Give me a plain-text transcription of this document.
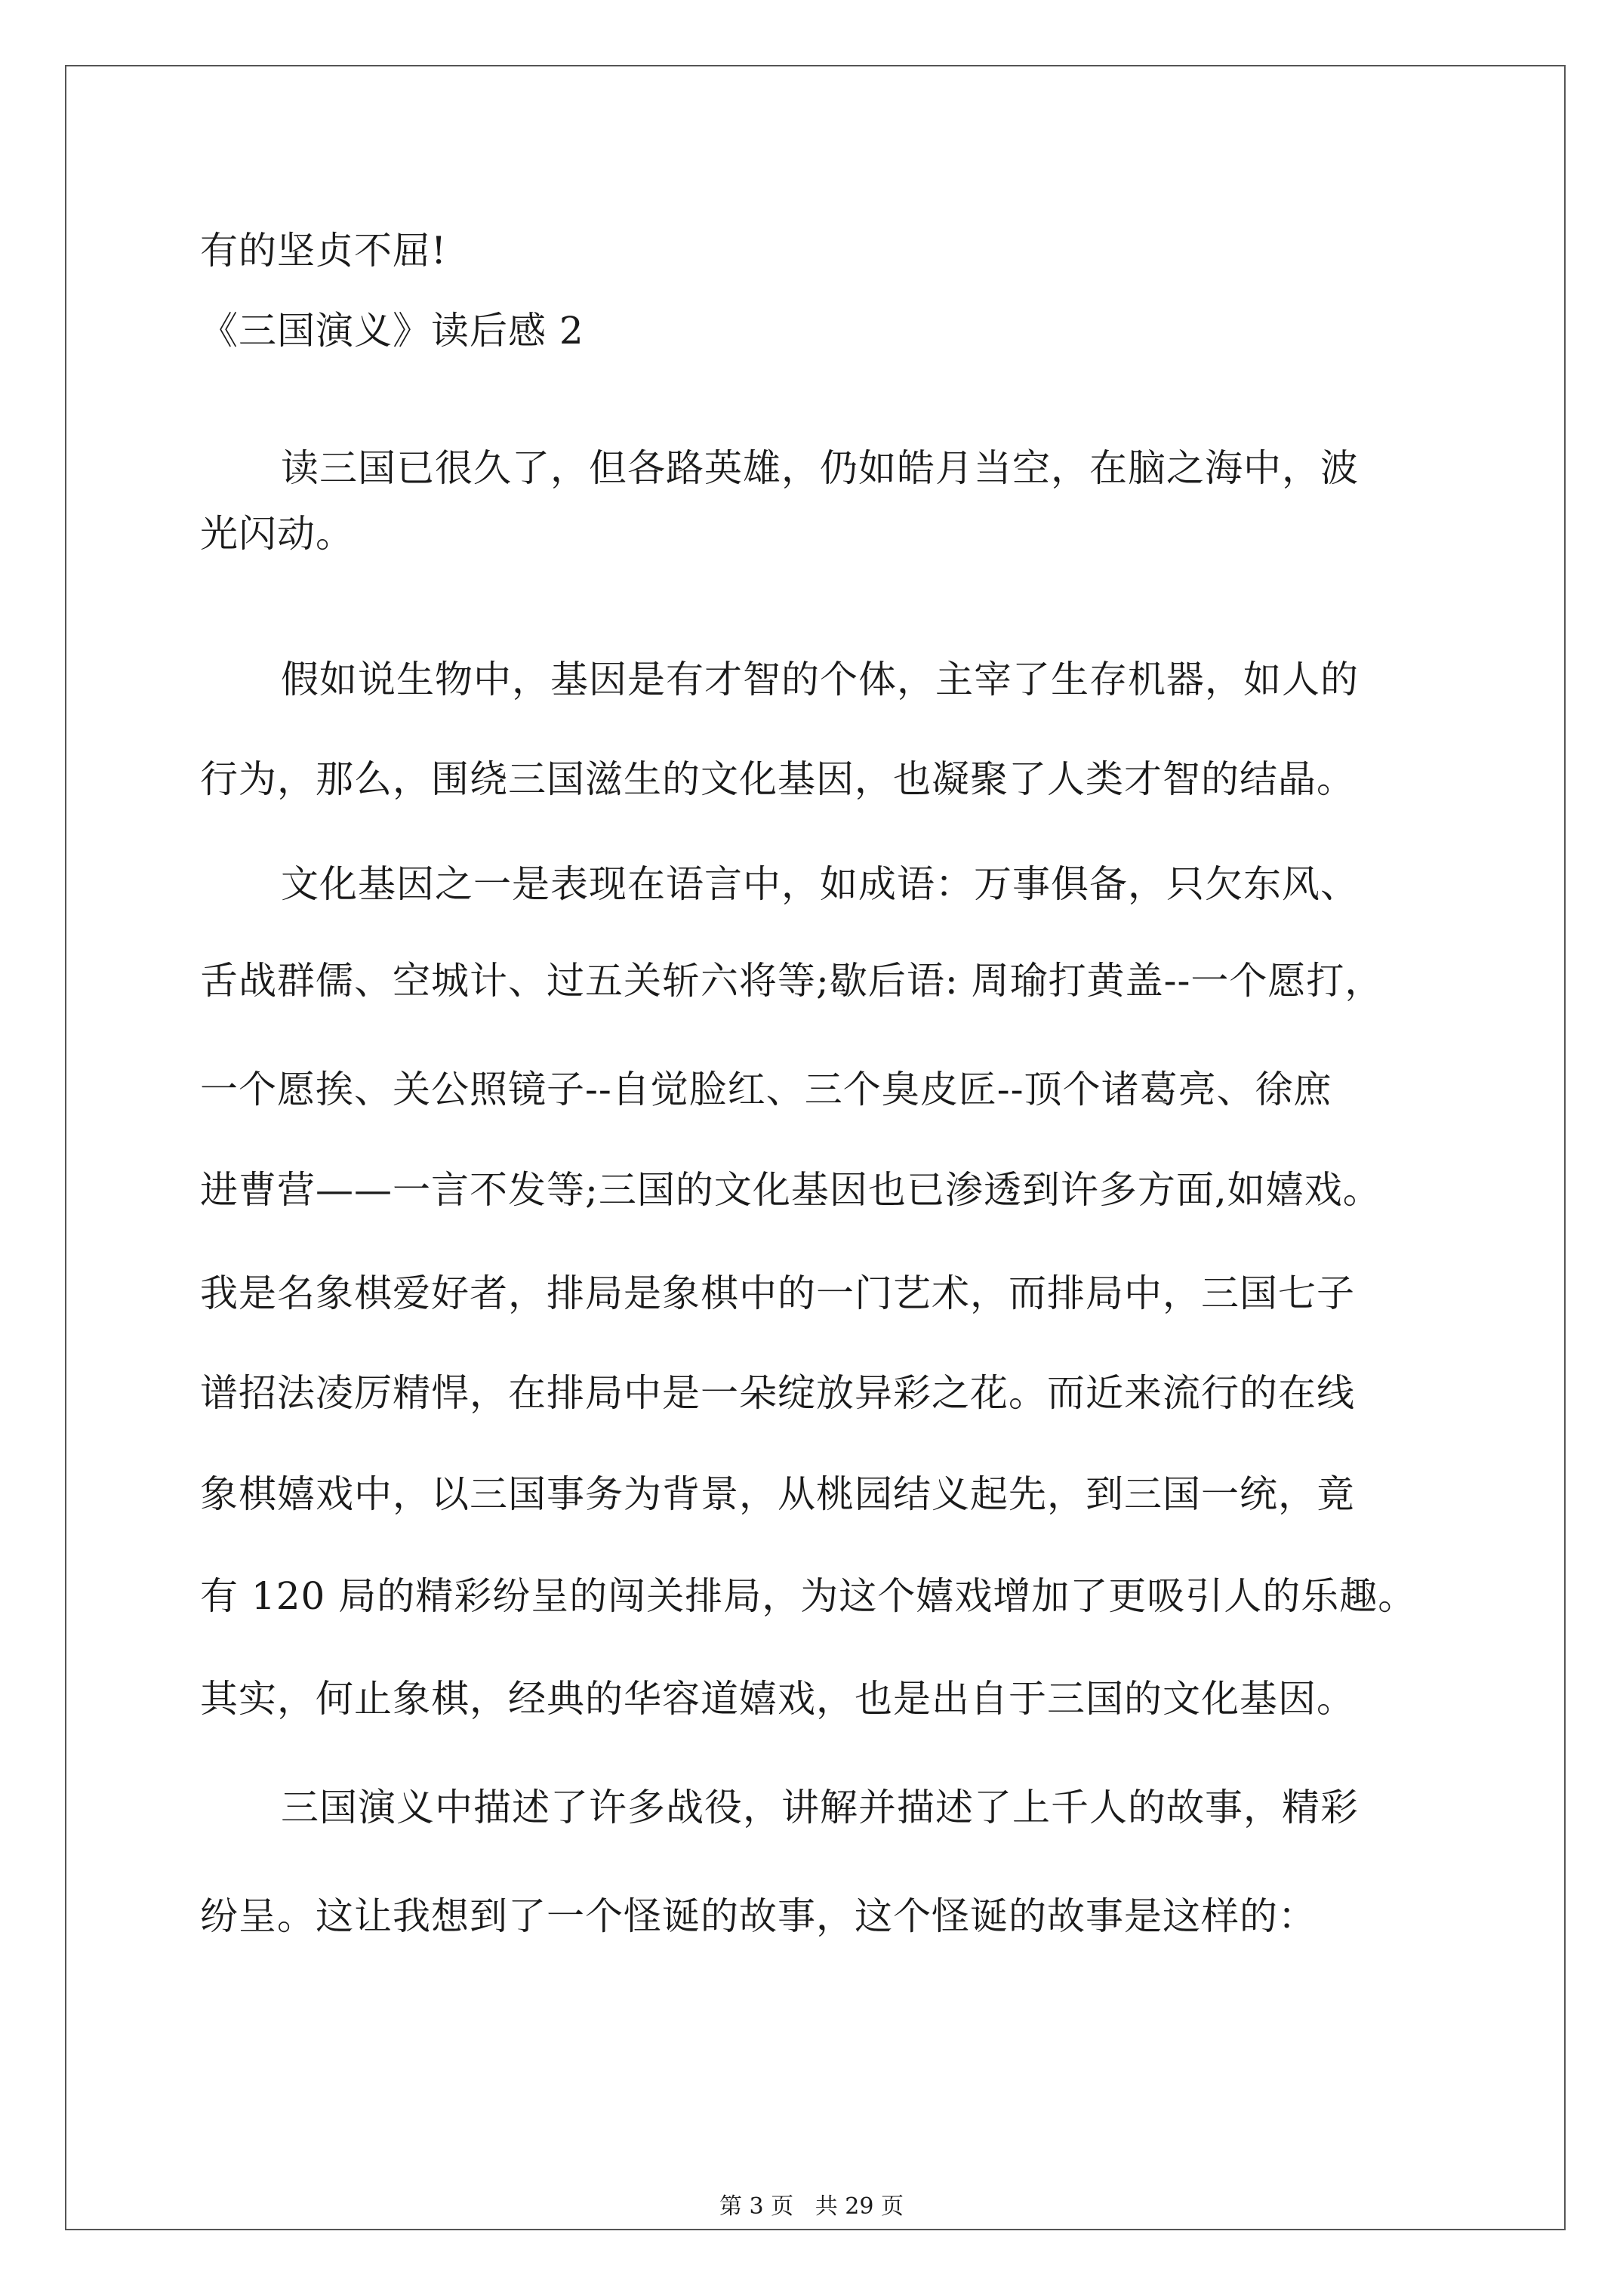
有的坚贞不屈!
《三国演义》读后感 2
读三国已很久了，但各路英雄，仍如皓月当空，在脑之海中，波
光闪动。
假如说生物中，基因是有才智的个体，主宰了生存机器，如人的
行为，那么，围绕三国滋生的文化基因，也凝聚了人类才智的结晶。
文化基因之一是表现在语言中，如成语：万事俱备，只欠东风、
舌战群儒、空城计、过五关斩六将等;歇后语: 周瑜打黄盖--一个愿打，
一个愿挨、关公照镜子--自觉脸红、三个臭皮匠--顶个诸葛亮、徐庶
进曹营——一言不发等;三国的文化基因也已渗透到许多方面,如嬉戏。
我是名象棋爱好者，排局是象棋中的一门艺术，而排局中，三国七子
谱招法凌厉精悍，在排局中是一朵绽放异彩之花。而近来流行的在线
象棋嬉戏中，以三国事务为背景，从桃园结义起先，到三国一统，竟
有 120 局的精彩纷呈的闯关排局，为这个嬉戏增加了更吸引人的乐趣。
其实，何止象棋，经典的华容道嬉戏，也是出自于三国的文化基因。
三国演义中描述了许多战役，讲解并描述了上千人的故事，精彩
纷呈。这让我想到了一个怪诞的故事，这个怪诞的故事是这样的：
第 3 页   共 29 页
